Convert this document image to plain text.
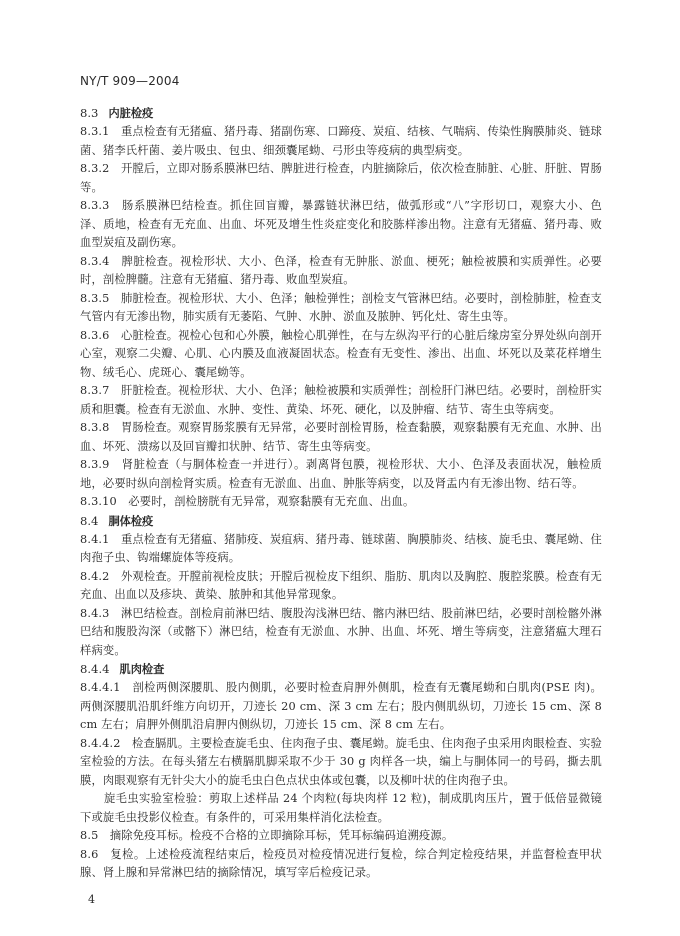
NY/T 909—2004

8.3 内脏检疫

8.3.1　重点检查有无猪瘟、猪丹毒、猪副伤寒、口蹄疫、炭疽、结核、气喘病、传染性胸膜肺炎、链球菌、猪李氏杆菌、姜片吸虫、包虫、细颈囊尾蚴、弓形虫等疫病的典型病变。

8.3.2　开膛后，立即对肠系膜淋巴结、脾脏进行检查，内脏摘除后，依次检查肺脏、心脏、肝脏、胃肠等。

8.3.3　肠系膜淋巴结检查。抓住回盲瓣，暴露链状淋巴结，做弧形或“八”字形切口，观察大小、色泽、质地，检查有无充血、出血、坏死及增生性炎症变化和胶胨样渗出物。注意有无猪瘟、猪丹毒、败血型炭疽及副伤寒。

8.3.4　脾脏检查。视检形状、大小、色泽，检查有无肿胀、淤血、梗死；触检被膜和实质弹性。必要时，剖检脾髓。注意有无猪瘟、猪丹毒、败血型炭疽。

8.3.5　肺脏检查。视检形状、大小、色泽；触检弹性；剖检支气管淋巴结。必要时，剖检肺脏，检查支气管内有无渗出物，肺实质有无萎陷、气肿、水肿、淤血及脓肿、钙化灶、寄生虫等。

8.3.6　心脏检查。视检心包和心外膜，触检心肌弹性，在与左纵沟平行的心脏后缘房室分界处纵向剖开心室，观察二尖瓣、心肌、心内膜及血液凝固状态。检查有无变性、渗出、出血、坏死以及菜花样增生物、绒毛心、虎斑心、囊尾蚴等。

8.3.7　肝脏检查。视检形状、大小、色泽；触检被膜和实质弹性；剖检肝门淋巴结。必要时，剖检肝实质和胆囊。检查有无淤血、水肿、变性、黄染、坏死、硬化，以及肿瘤、结节、寄生虫等病变。

8.3.8　胃肠检查。观察胃肠浆膜有无异常，必要时剖检胃肠，检查黏膜，观察黏膜有无充血、水肿、出血、坏死、溃疡以及回盲瓣扣状肿、结节、寄生虫等病变。

8.3.9　肾脏检查（与胴体检查一并进行）。剥离肾包膜，视检形状、大小、色泽及表面状况，触检质地，必要时纵向剖检肾实质。检查有无淤血、出血、肿胀等病变，以及肾盂内有无渗出物、结石等。

8.3.10　必要时，剖检膀胱有无异常，观察黏膜有无充血、出血。

8.4 胴体检疫

8.4.1　重点检查有无猪瘟、猪肺疫、炭疽病、猪丹毒、链球菌、胸膜肺炎、结核、旋毛虫、囊尾蚴、住肉孢子虫、钩端螺旋体等疫病。

8.4.2　外观检查。开膛前视检皮肤；开膛后视检皮下组织、脂肪、肌肉以及胸腔、腹腔浆膜。检查有无充血、出血以及疹块、黄染、脓肿和其他异常现象。

8.4.3　淋巴结检查。剖检肩前淋巴结、腹股沟浅淋巴结、髂内淋巴结、股前淋巴结，必要时剖检髂外淋巴结和腹股沟深（或髂下）淋巴结，检查有无淤血、水肿、出血、坏死、增生等病变，注意猪瘟大理石样病变。

8.4.4 肌肉检查

8.4.4.1　剖检两侧深腰肌、股内侧肌，必要时检查肩胛外侧肌，检查有无囊尾蚴和白肌肉(PSE 肉)。两侧深腰肌沿肌纤维方向切开，刀迹长 20 cm、深 3 cm 左右；股内侧肌纵切，刀迹长 15 cm、深 8 cm 左右；肩胛外侧肌沿肩胛内侧纵切，刀迹长 15 cm、深 8 cm 左右。

8.4.4.2　检查膈肌。主要检查旋毛虫、住肉孢子虫、囊尾蚴。旋毛虫、住肉孢子虫采用肉眼检查、实验室检验的方法。在每头猪左右横膈肌脚采取不少于 30 g 肉样各一块，编上与胴体同一的号码，撕去肌膜，肉眼观察有无针尖大小的旋毛虫白色点状虫体或包囊，以及柳叶状的住肉孢子虫。

旋毛虫实验室检验：剪取上述样品 24 个肉粒(每块肉样 12 粒)，制成肌肉压片，置于低倍显微镜下或旋毛虫投影仪检查。有条件的，可采用集样消化法检查。

8.5　摘除免疫耳标。检疫不合格的立即摘除耳标，凭耳标编码追溯疫源。

8.6　复检。上述检疫流程结束后，检疫员对检疫情况进行复检，综合判定检疫结果，并监督检查甲状腺、肾上腺和异常淋巴结的摘除情况，填写宰后检疫记录。

4
